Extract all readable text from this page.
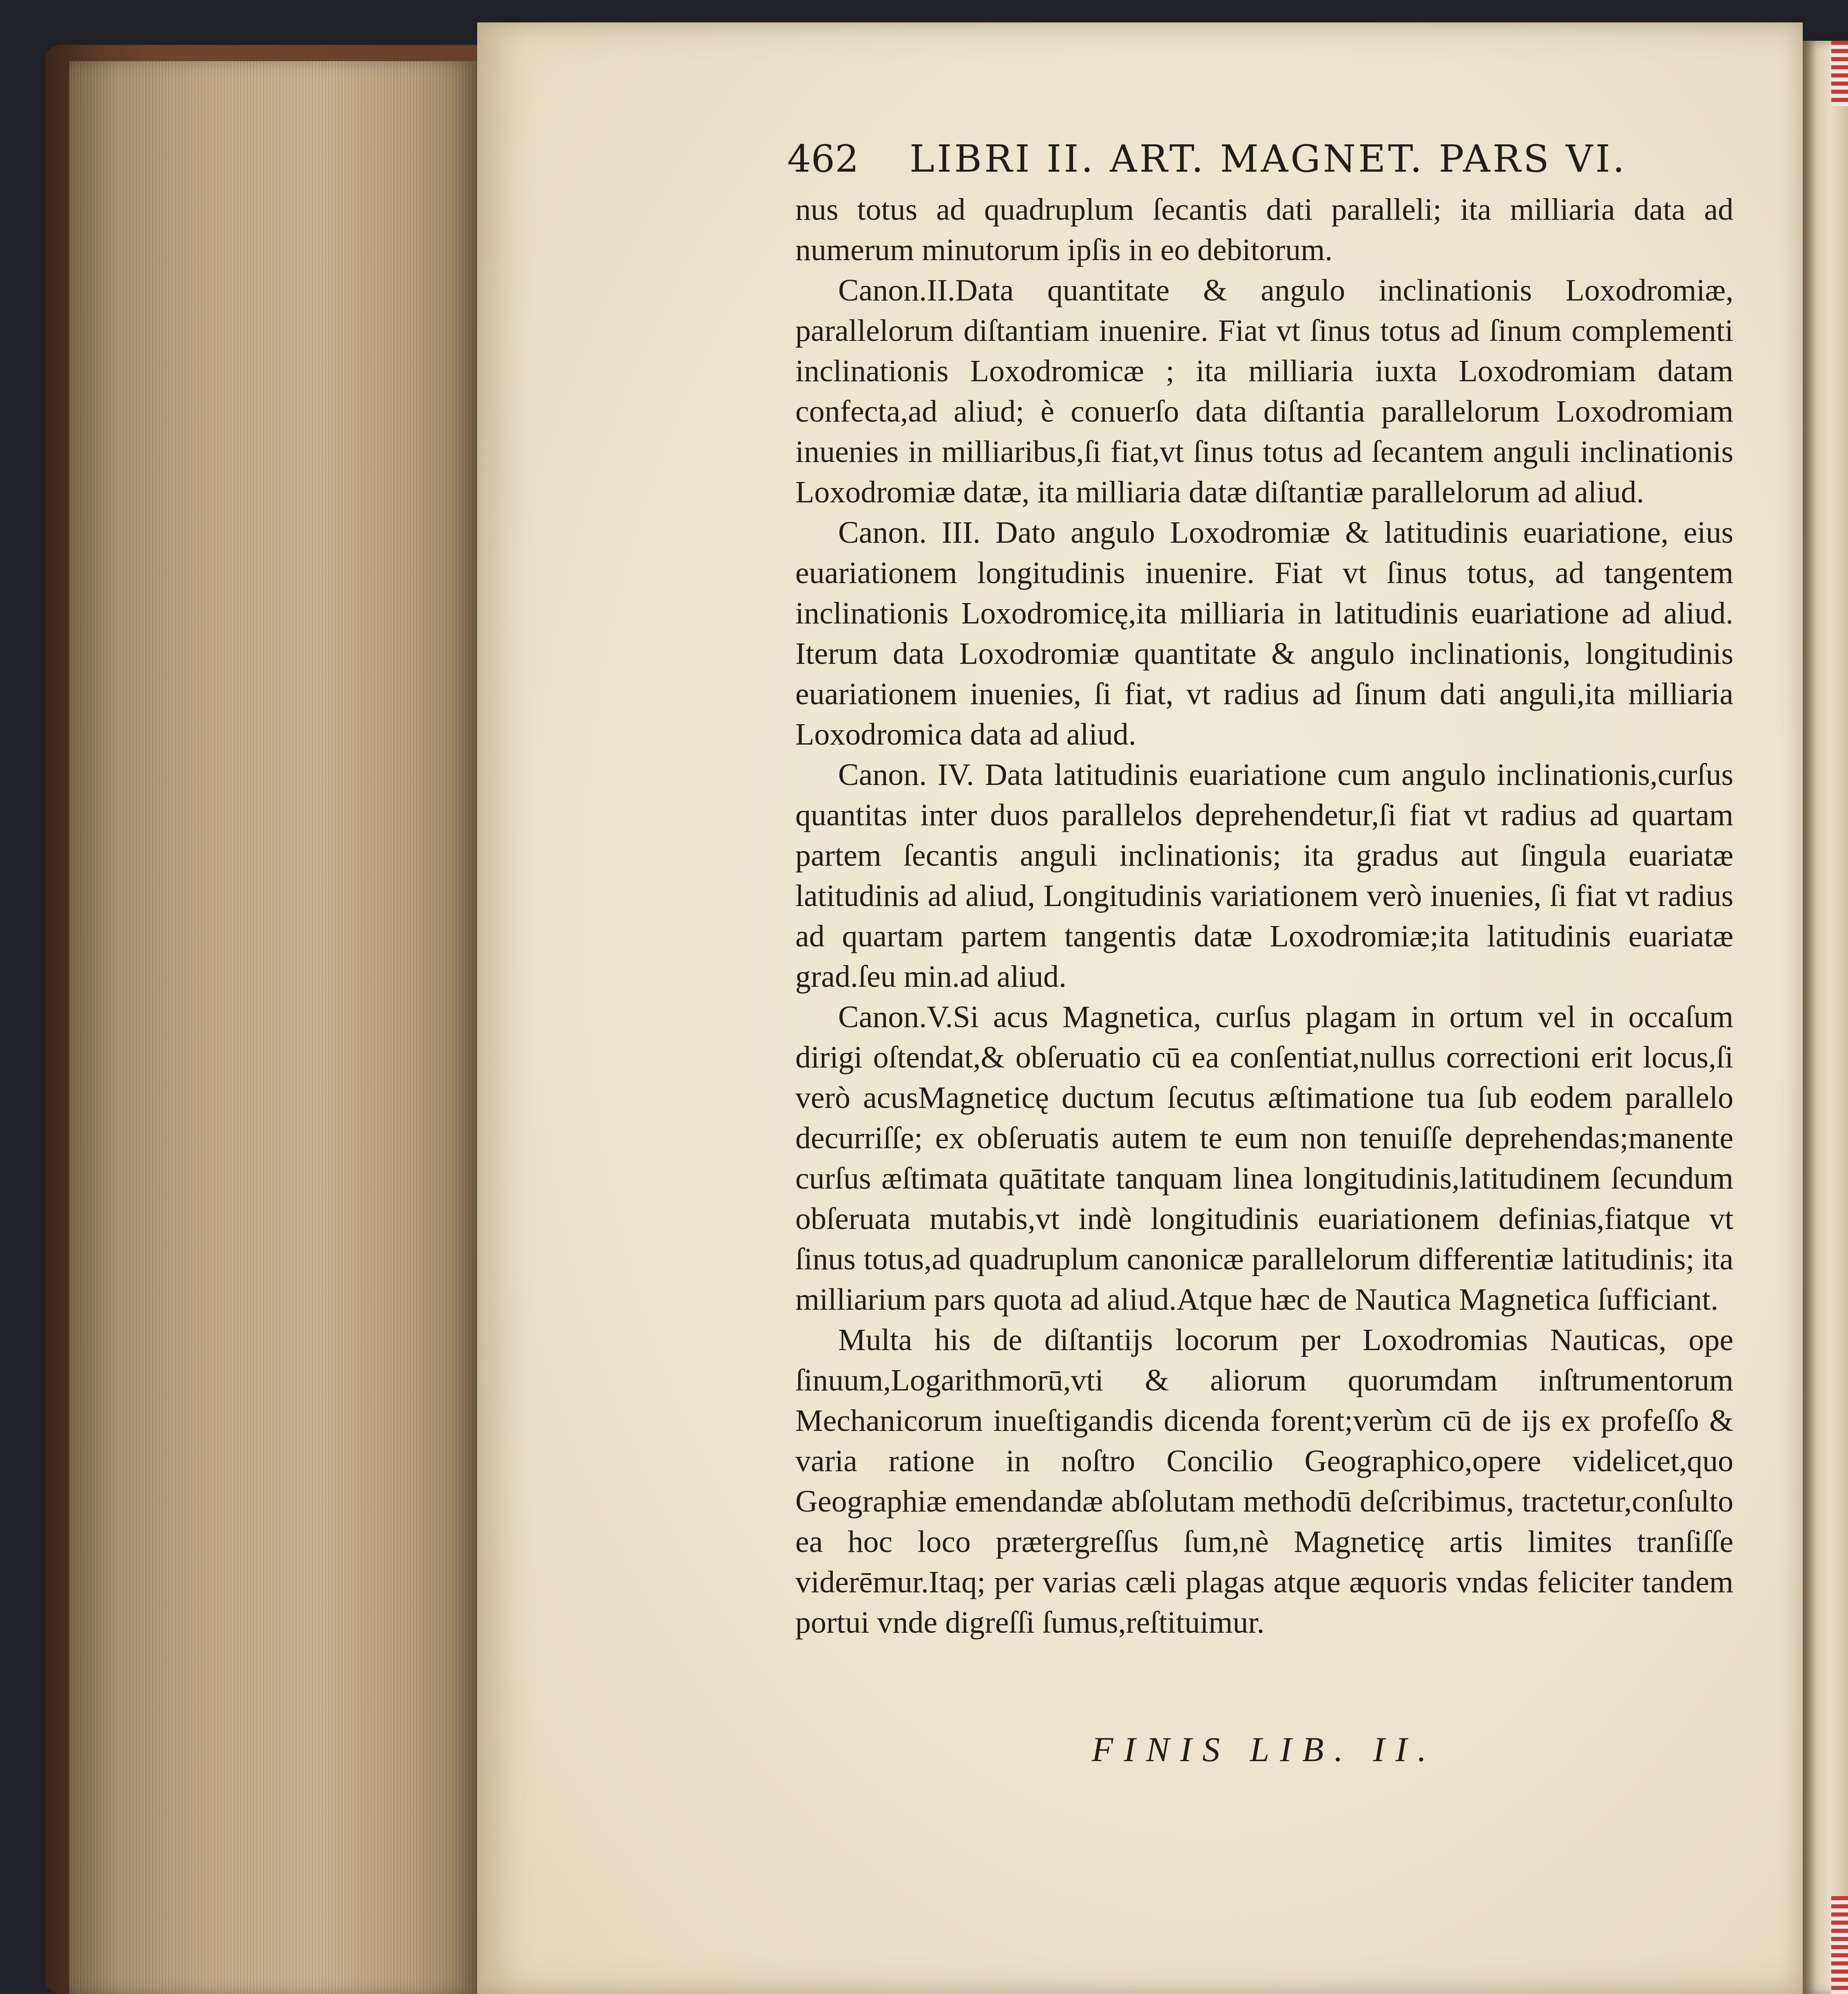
462 LIBRI II. ART. MAGNET. PARS VI.

nus totus ad quadruplum ſecantis dati paralleli; ita milliaria data ad numerum minutorum ipſis in eo debitorum.

Canon.II.Data quantitate & angulo inclinationis Loxodromiæ, parallelorum diſtantiam inuenire. Fiat vt ſinus totus ad ſinum complementi inclinationis Loxodromicæ ; ita milliaria iuxta Loxodromiam datam confecta,ad aliud; è conuerſo data diſtantia parallelorum Loxodromiam inuenies in milliaribus,ſi fiat,vt ſinus totus ad ſecantem anguli inclinationis Loxodromiæ datæ, ita milliaria datæ diſtantiæ parallelorum ad aliud.

Canon. III. Dato angulo Loxodromiæ & latitudinis euariatione, eius euariationem longitudinis inuenire. Fiat vt ſinus totus, ad tangentem inclinationis Loxodromicę,ita milliaria in latitudinis euariatione ad aliud. Iterum data Loxodromiæ quantitate & angulo inclinationis, longitudinis euariationem inuenies, ſi fiat, vt radius ad ſinum dati anguli,ita milliaria Loxodromica data ad aliud.

Canon. IV. Data latitudinis euariatione cum angulo inclinationis,curſus quantitas inter duos parallelos deprehendetur,ſi fiat vt radius ad quartam partem ſecantis anguli inclinationis; ita gradus aut ſingula euariatæ latitudinis ad aliud, Longitudinis variationem verò inuenies, ſi fiat vt radius ad quartam partem tangentis datæ Loxodromiæ;ita latitudinis euariatæ grad.ſeu min.ad aliud.

Canon.V.Si acus Magnetica, curſus plagam in ortum vel in occaſum dirigi oſtendat,& obſeruatio cū ea conſentiat,nullus correctioni erit locus,ſi verò acusMagneticę ductum ſecutus æſtimatione tua ſub eodem parallelo decurriſſe; ex obſeruatis autem te eum non tenuiſſe deprehendas;manente curſus æſtimata quātitate tanquam linea longitudinis,latitudinem ſecundum obſeruata mutabis,vt indè longitudinis euariationem definias,fiatque vt ſinus totus,ad quadruplum canonicæ parallelorum differentiæ latitudinis; ita milliarium pars quota ad aliud.Atque hæc de Nautica Magnetica ſufficiant.

Multa his de diſtantijs locorum per Loxodromias Nauticas, ope ſinuum,Logarithmorū,vti & aliorum quorumdam inſtrumentorum Mechanicorum inueſtigandis dicenda forent;verùm cū de ijs ex profeſſo & varia ratione in noſtro Concilio Geographico,opere videlicet,quo Geographiæ emendandæ abſolutam methodū deſcribimus, tractetur,conſulto ea hoc loco prætergreſſus ſum,nè Magneticę artis limites tranſiſſe viderēmur.Itaq; per varias cæli plagas atque æquoris vndas feliciter tandem portui vnde digreſſi ſumus,reſtituimur.

FINIS LIB. II.
